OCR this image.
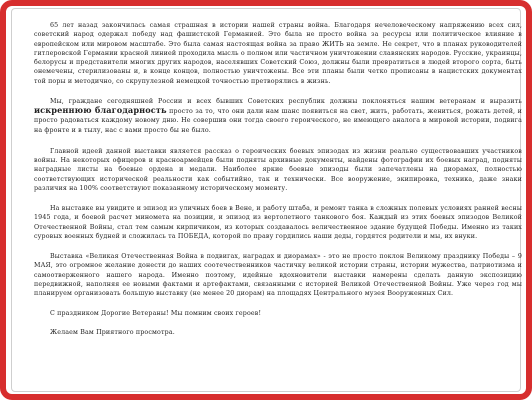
65 лет назад закончилась самая страшная в истории нашей страны война. Благодаря нечеловеческому напряжению всех сил, советский народ одержал победу над фашистской Германией. Это была не просто война за ресурсы или политическое влияние в европейском или мировом масштабе. Это была самая настоящая война за право ЖИТЬ на земле. Не секрет, что в планах руководителей гитлеровской Германии красной линией проходила мысль о полном или частичном уничтожении славянских народов. Русские, украинцы, белорусы и представители многих других народов, населявших Советский Союз, должны были превратиться в людей второго сорта, быть онемечены, стерилизованы и, в конце концов, полностью уничтожены. Все эти планы были четко прописаны в нацистских документах той поры и методично, со скрупулезной немецкой точностью претворялись в жизнь.

Мы, граждане сегодняшней России и всех бывших Советских республик должны поклоняться нашим ветеранам и выразить искреннюю благодарность просто за то, что они дали нам шанс появиться на свет, жить, работать, жениться, рожать детей, и просто радоваться каждому новому дню. Не совершив они тогда своего героического, не имеющего аналога в мировой истории, подвига на фронте и в тылу, нас с вами просто бы не было.

Главной идеей данной выставки является рассказ о героических боевых эпизодах из жизни реально существовавших участников войны. На некоторых офицеров и красноармейцев были подняты архивные документы, найдены фотографии их боевых наград, подняты наградные листы на боевые ордена и медали. Наиболее яркие боевые эпизоды были запечатлены на диорамах, полностью соответствующих исторической реальности как событийно, так и технически. Все вооружение, экипировка, техника, даже знаки различия на 100% соответствуют показанному историческому моменту.

На выставке вы увидите и эпизод из уличных боев в Вене, и работу штаба, и ремонт танка в сложных полевых условиях ранней весны 1945 года, и боевой расчет миномета на позиции, и эпизод из вертолетного танкового боя. Каждый из этих боевых эпизодов Великой Отечественной Войны, стал тем самым кирпичиком, из которых создавалось величественное здание будущей Победы. Именно из таких суровых военных будней и сложилась та ПОБЕДА, которой по праву гордились наши деды, гордятся родители и мы, их внуки.

Выставка «Великая Отечественная Война в подвигах, наградах и диорамах» - это не просто поклон Великому празднику Победы – 9 МАЯ, это огромное желание донести до наших соотечественников частичку великой истории страны, истории мужества, патриотизма и самоотверженного нашего народа. Именно поэтому, идейные вдохновители выставки намерены сделать данную экспозицию передвижной, наполняя ее новыми фактами и артефактами, связанными с историей Великой Отечественной Войны. Уже через год мы планируем организовать большую выставку (не менее 20 диорам) на площадях Центрального музея Вооруженных Сил.

С праздником Дорогие Ветераны! Мы помним своих героев!

Желаем Вам Приятного просмотра.
